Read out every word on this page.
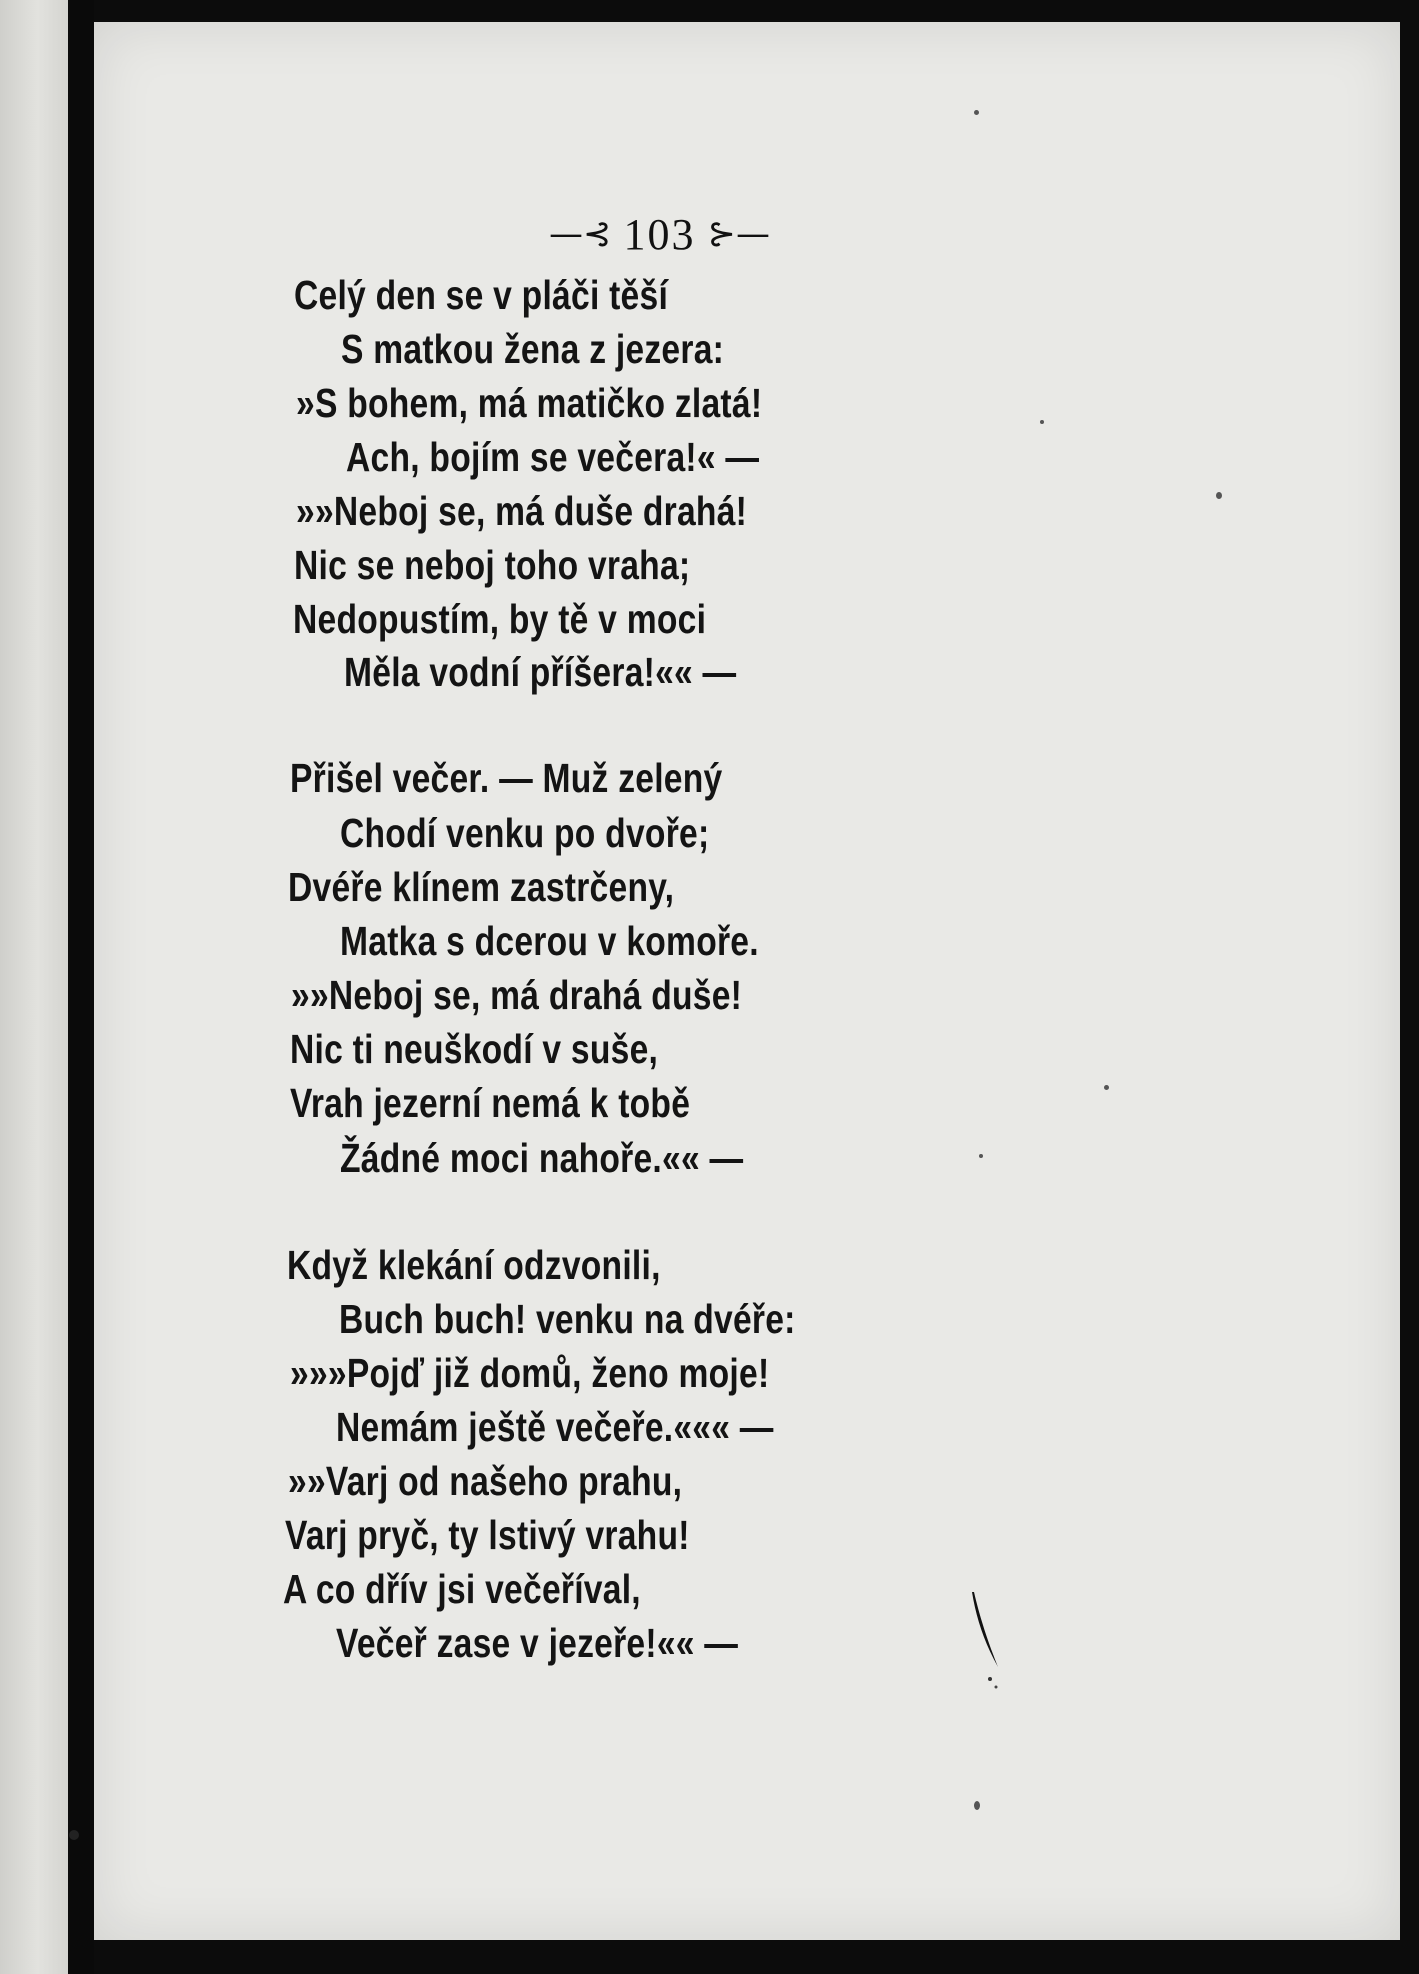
—⊰ 103 ⊱—
Celý den se v pláči těší
S matkou žena z jezera:
»S bohem, má matičko zlatá!
Ach, bojím se večera!« —
»»Neboj se, má duše drahá!
Nic se neboj toho vraha;
Nedopustím, by tě v moci
Měla vodní příšera!«« —
Přišel večer. — Muž zelený
Chodí venku po dvoře;
Dvéře klínem zastrčeny,
Matka s dcerou v komoře.
»»Neboj se, má drahá duše!
Nic ti neuškodí v suše,
Vrah jezerní nemá k tobě
Žádné moci nahoře.«« —
Když klekání odzvonili,
Buch buch! venku na dvéře:
»»»Pojď již domů, ženo moje!
Nemám ještě večeře.««« —
»»Varj od našeho prahu,
Varj pryč, ty lstivý vrahu!
A co dřív jsi večeříval,
Večeř zase v jezeře!«« —
